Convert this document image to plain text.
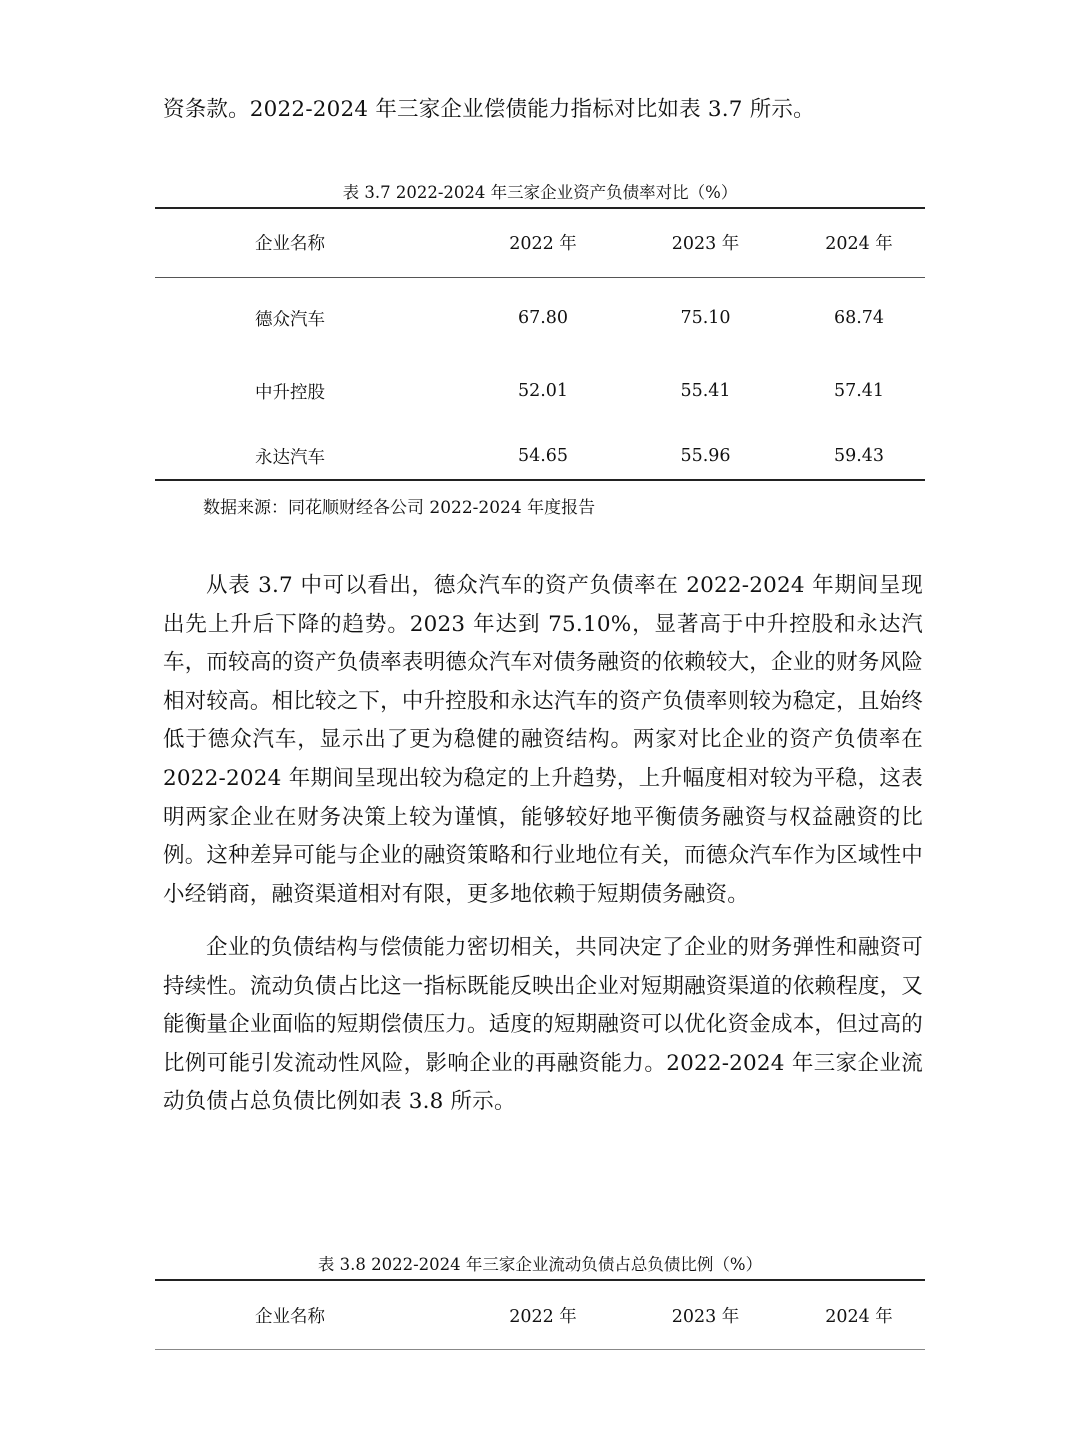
资条款。2022-2024 年三家企业偿债能力指标对比如表 3.7 所示。

表 3.7 2022-2024 年三家企业资产负债率对比（%）
企业名称	2022 年	2023 年	2024 年

德众汽车	67.80	75.10	68.74
中升控股	52.01	55.41	57.41
永达汽车	54.65	55.96	59.43
数据来源：同花顺财经各公司 2022-2024 年度报告

从表 3.7 中可以看出，德众汽车的资产负债率在 2022-2024 年期间呈现出先上升后下降的趋势。2023 年达到 75.10%，显著高于中升控股和永达汽车，而较高的资产负债率表明德众汽车对债务融资的依赖较大，企业的财务风险相对较高。相比较之下，中升控股和永达汽车的资产负债率则较为稳定，且始终低于德众汽车，显示出了更为稳健的融资结构。两家对比企业的资产负债率在 2022-2024 年期间呈现出较为稳定的上升趋势，上升幅度相对较为平稳，这表明两家企业在财务决策上较为谨慎，能够较好地平衡债务融资与权益融资的比例。这种差异可能与企业的融资策略和行业地位有关，而德众汽车作为区域性中小经销商，融资渠道相对有限，更多地依赖于短期债务融资。

企业的负债结构与偿债能力密切相关，共同决定了企业的财务弹性和融资可持续性。流动负债占比这一指标既能反映出企业对短期融资渠道的依赖程度，又能衡量企业面临的短期偿债压力。适度的短期融资可以优化资金成本，但过高的比例可能引发流动性风险，影响企业的再融资能力。2022-2024 年三家企业流动负债占总负债比例如表 3.8 所示。

表 3.8 2022-2024 年三家企业流动负债占总负债比例（%）
企业名称	2022 年	2023 年	2024 年
